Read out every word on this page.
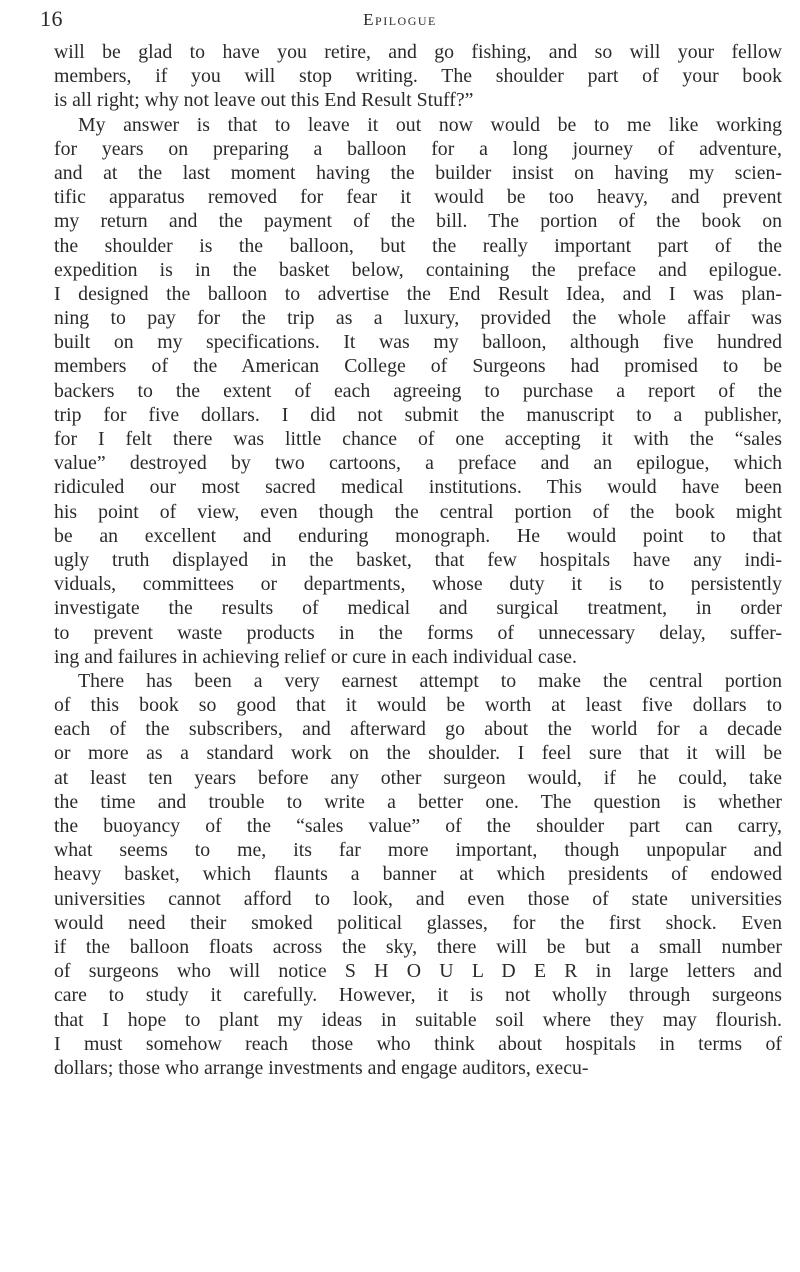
16	Epilogue
will be glad to have you retire, and go fishing, and so will your fellow
members, if you will stop writing. The shoulder part of your book
is all right; why not leave out this End Result Stuff?”
My answer is that to leave it out now would be to me like working
for years on preparing a balloon for a long journey of adventure,
and at the last moment having the builder insist on having my scien-
tific apparatus removed for fear it would be too heavy, and prevent
my return and the payment of the bill. The portion of the book on
the shoulder is the balloon, but the really important part of the
expedition is in the basket below, containing the preface and epilogue.
I designed the balloon to advertise the End Result Idea, and I was plan-
ning to pay for the trip as a luxury, provided the whole affair was
built on my specifications. It was my balloon, although five hundred
members of the American College of Surgeons had promised to be
backers to the extent of each agreeing to purchase a report of the
trip for five dollars. I did not submit the manuscript to a publisher,
for I felt there was little chance of one accepting it with the “sales
value” destroyed by two cartoons, a preface and an epilogue, which
ridiculed our most sacred medical institutions. This would have been
his point of view, even though the central portion of the book might
be an excellent and enduring monograph. He would point to that
ugly truth displayed in the basket, that few hospitals have any indi-
viduals, committees or departments, whose duty it is to persistently
investigate the results of medical and surgical treatment, in order
to prevent waste products in the forms of unnecessary delay, suffer-
ing and failures in achieving relief or cure in each individual case.
There has been a very earnest attempt to make the central portion
of this book so good that it would be worth at least five dollars to
each of the subscribers, and afterward go about the world for a decade
or more as a standard work on the shoulder. I feel sure that it will be
at least ten years before any other surgeon would, if he could, take
the time and trouble to write a better one. The question is whether
the buoyancy of the “sales value” of the shoulder part can carry,
what seems to me, its far more important, though unpopular and
heavy basket, which flaunts a banner at which presidents of endowed
universities cannot afford to look, and even those of state universities
would need their smoked political glasses, for the first shock. Even
if the balloon floats across the sky, there will be but a small number
of surgeons who will notice S H O U L D E R in large letters and
care to study it carefully. However, it is not wholly through surgeons
that I hope to plant my ideas in suitable soil where they may flourish.
I must somehow reach those who think about hospitals in terms of
dollars; those who arrange investments and engage auditors, execu-
